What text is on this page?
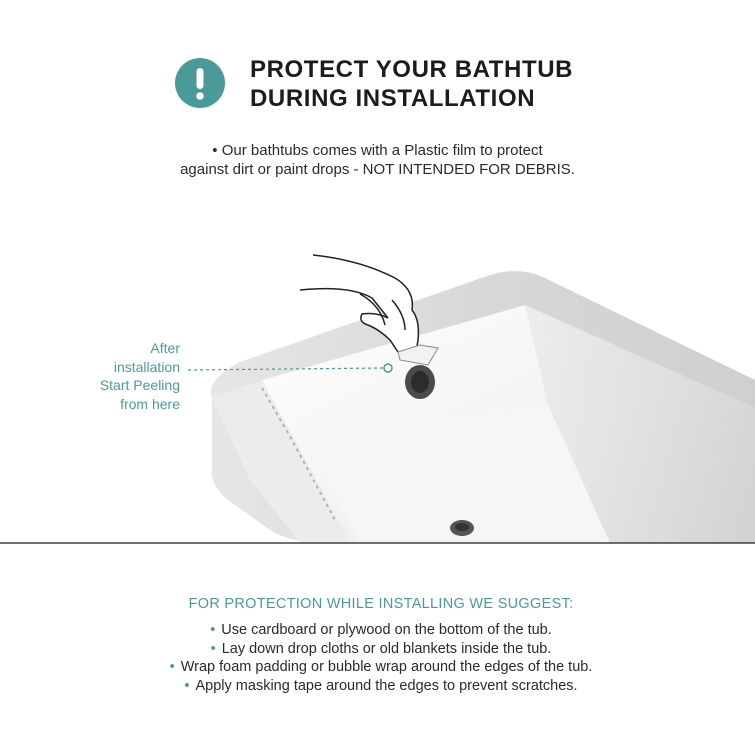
PROTECT YOUR BATHTUB
DURING INSTALLATION
• Our bathtubs comes with a Plastic film to protect
against dirt or paint drops - NOT INTENDED FOR DEBRIS.
After
installation
Start Peeling
from here
FOR PROTECTION WHILE INSTALLING WE SUGGEST:
• Use cardboard or plywood on the bottom of the tub.
• Lay down drop cloths or old blankets inside the tub.
• Wrap foam padding or bubble wrap around the edges of the tub.
• Apply masking tape around the edges to prevent scratches.
